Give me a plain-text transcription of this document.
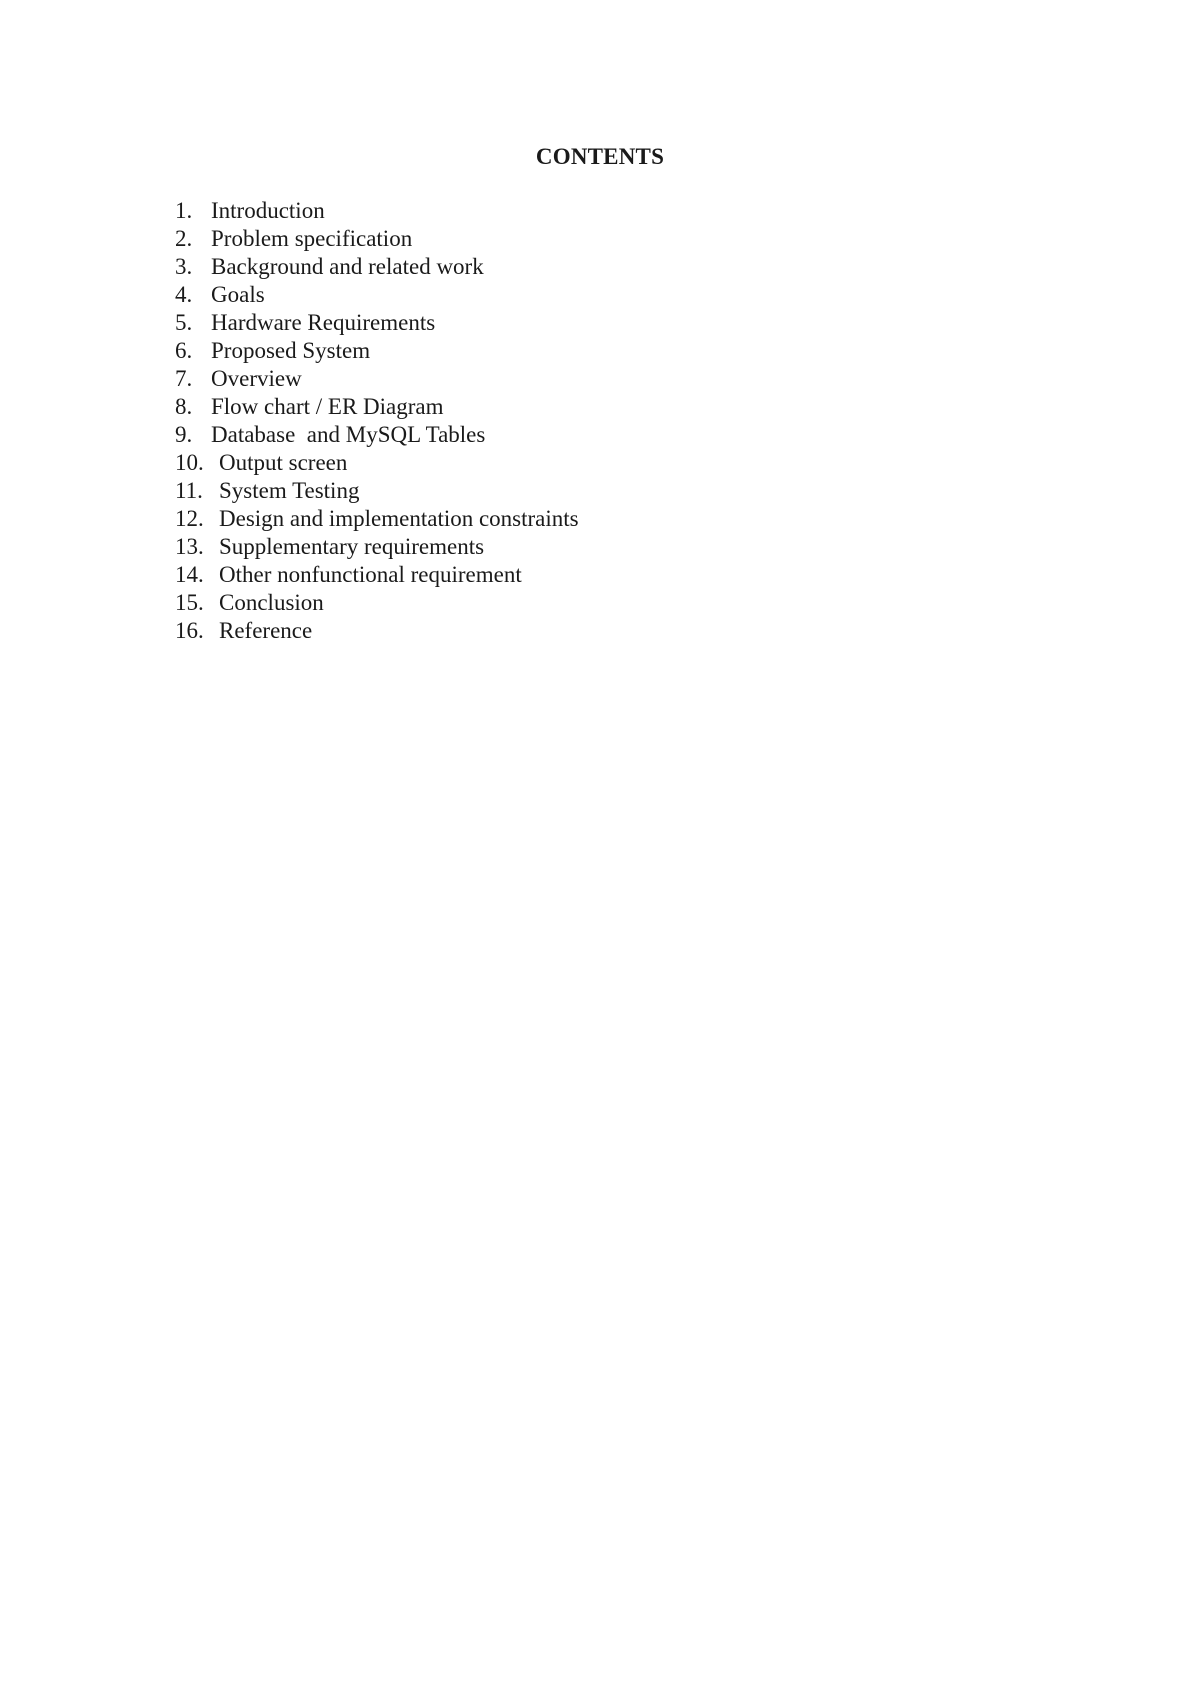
CONTENTS
1. Introduction
2. Problem specification
3. Background and related work
4. Goals
5. Hardware Requirements
6. Proposed System
7. Overview
8. Flow chart / ER Diagram
9. Database  and MySQL Tables
10. Output screen
11. System Testing
12. Design and implementation constraints
13. Supplementary requirements
14. Other nonfunctional requirement
15. Conclusion
16. Reference
